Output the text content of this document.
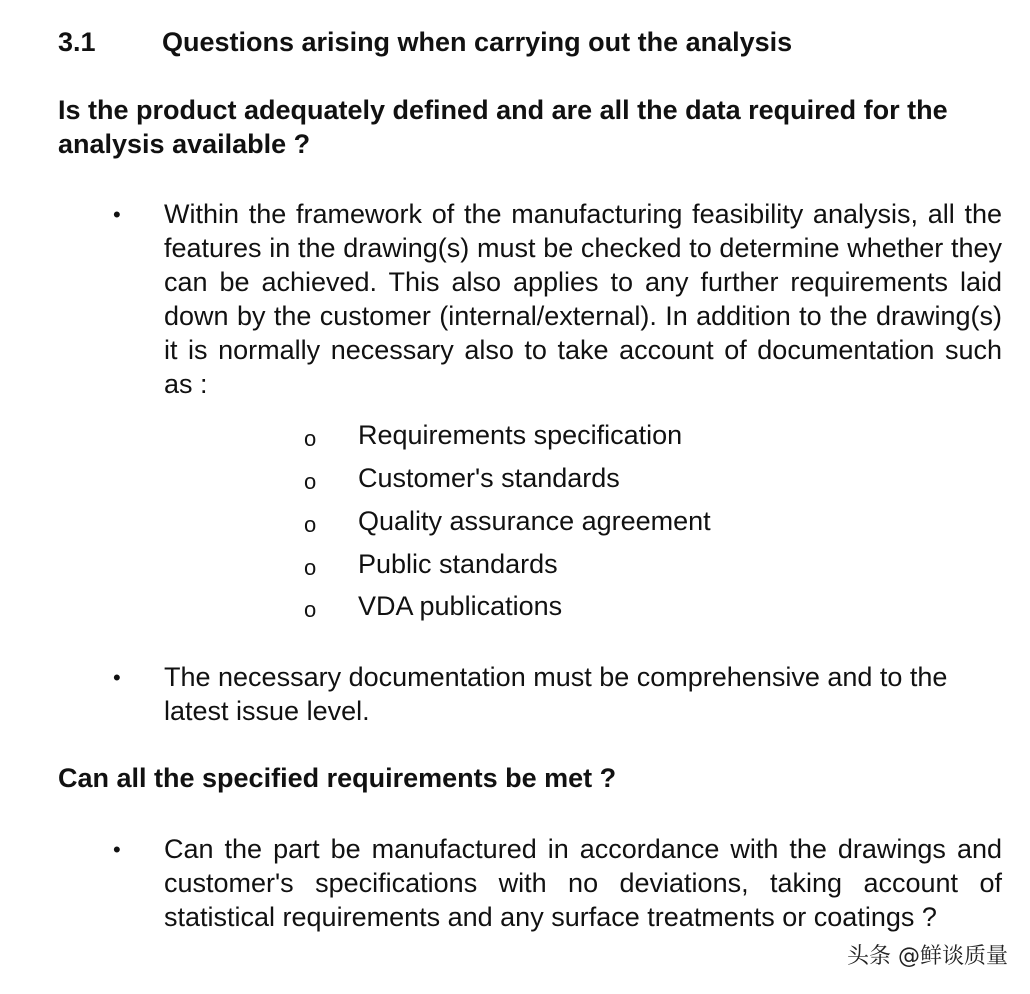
3.1 Questions arising when carrying out the analysis
Is the product adequately defined and are all the data required for the analysis available ?
• Within the framework of the manufacturing feasibility analysis, all the features in the drawing(s) must be checked to determine whether they can be achieved. This also applies to any further requirements laid down by the customer (internal/external). In addition to the drawing(s) it is normally necessary also to take account of documentation such as :
o Requirements specification
o Customer's standards
o Quality assurance agreement
o Public standards
o VDA publications
• The necessary documentation must be comprehensive and to the latest issue level.
Can all the specified requirements be met ?
• Can the part be manufactured in accordance with the drawings and customer's specifications with no deviations, taking account of statistical requirements and any surface treatments or coatings ?
头条 @鲜谈质量
